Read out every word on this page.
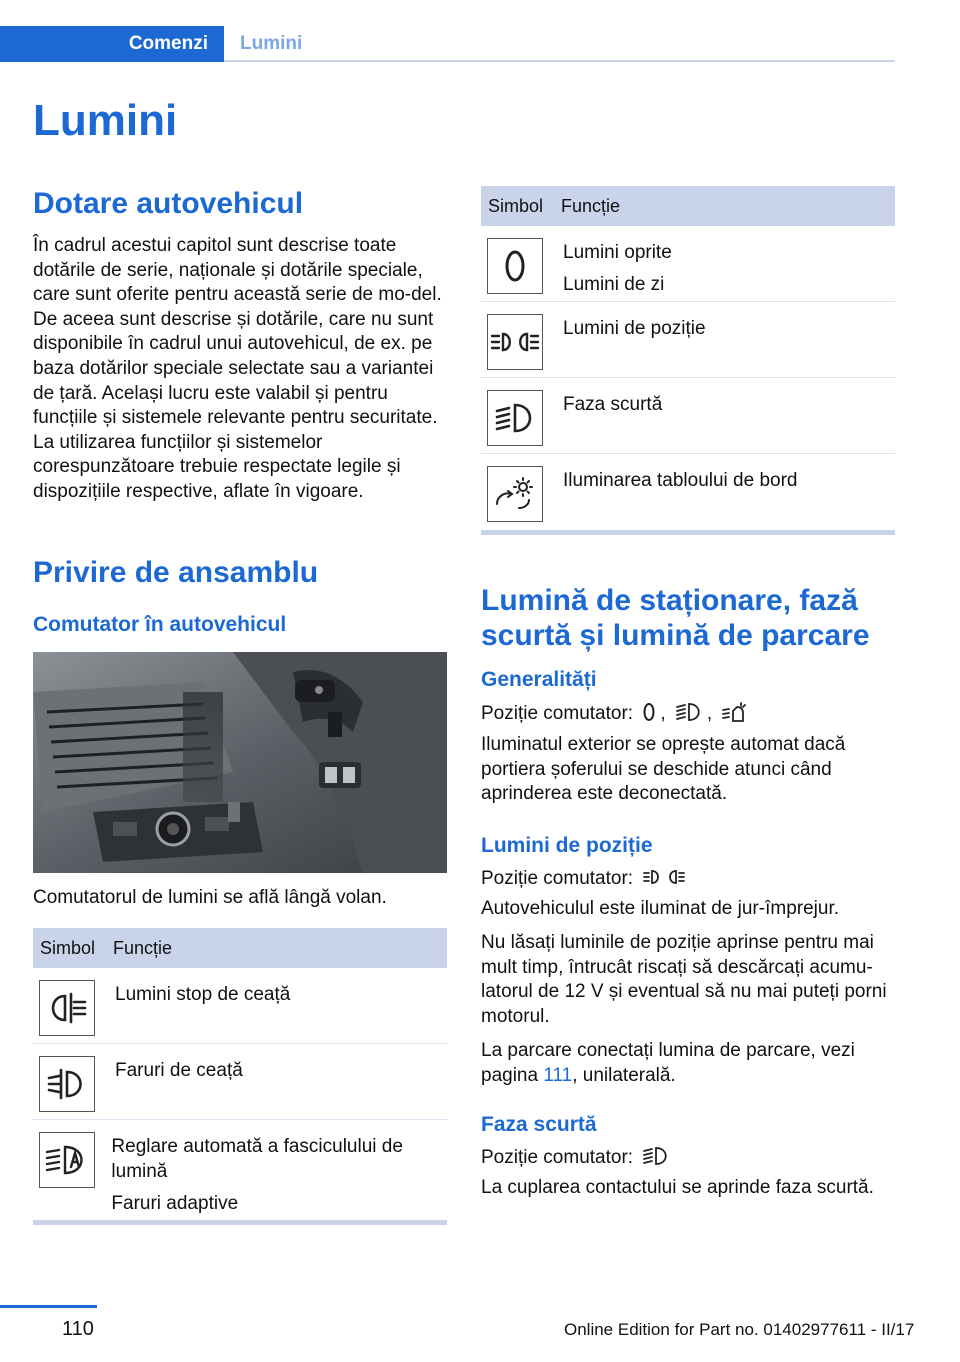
Comenzi	Lumini
Lumini
Dotare autovehicul
În cadrul acestui capitol sunt descrise toate dotările de serie, naționale și dotările speciale, care sunt oferite pentru această serie de mo‐del. De aceea sunt descrise și dotările, care nu sunt disponibile în cadrul unui autovehicul, de ex. pe baza dotărilor speciale selectate sau a variantei de țară. Același lucru este valabil și pentru funcțiile și sistemele relevante pentru securitate. La utilizarea funcțiilor și sistemelor corespunzătoare trebuie respectate legile și dispozițiile respective, aflate în vigoare.
Privire de ansamblu
Comutator în autovehicul
Comutatorul de lumini se află lângă volan.
Simbol Funcție

Lumini stop de ceață

Faruri de ceață

Reglare automată a fasciculului de lumină

Faruri adaptive

Simbol Funcție

Lumini oprite

Lumini de zi

Lumini de poziție

Faza scurtă

Iluminarea tabloului de bord

Lumină de staționare, fază scurtă și lumină de parcare
Generalități
Poziție comutator: , ,
Iluminatul exterior se oprește automat dacă portiera șoferului se deschide atunci când aprinderea este deconectată.
Lumini de poziție
Poziție comutator:
Autovehiculul este iluminat de jur-împrejur.
Nu lăsați luminile de poziție aprinse pentru mai mult timp, întrucât riscați să descărcați acumu‐latorul de 12 V și eventual să nu mai puteți porni motorul.
La parcare conectați lumina de parcare, vezi pagina 111, unilaterală.
Faza scurtă
Poziție comutator:
La cuplarea contactului se aprinde faza scurtă.
110	Online Edition for Part no. 01402977611 - II/17
